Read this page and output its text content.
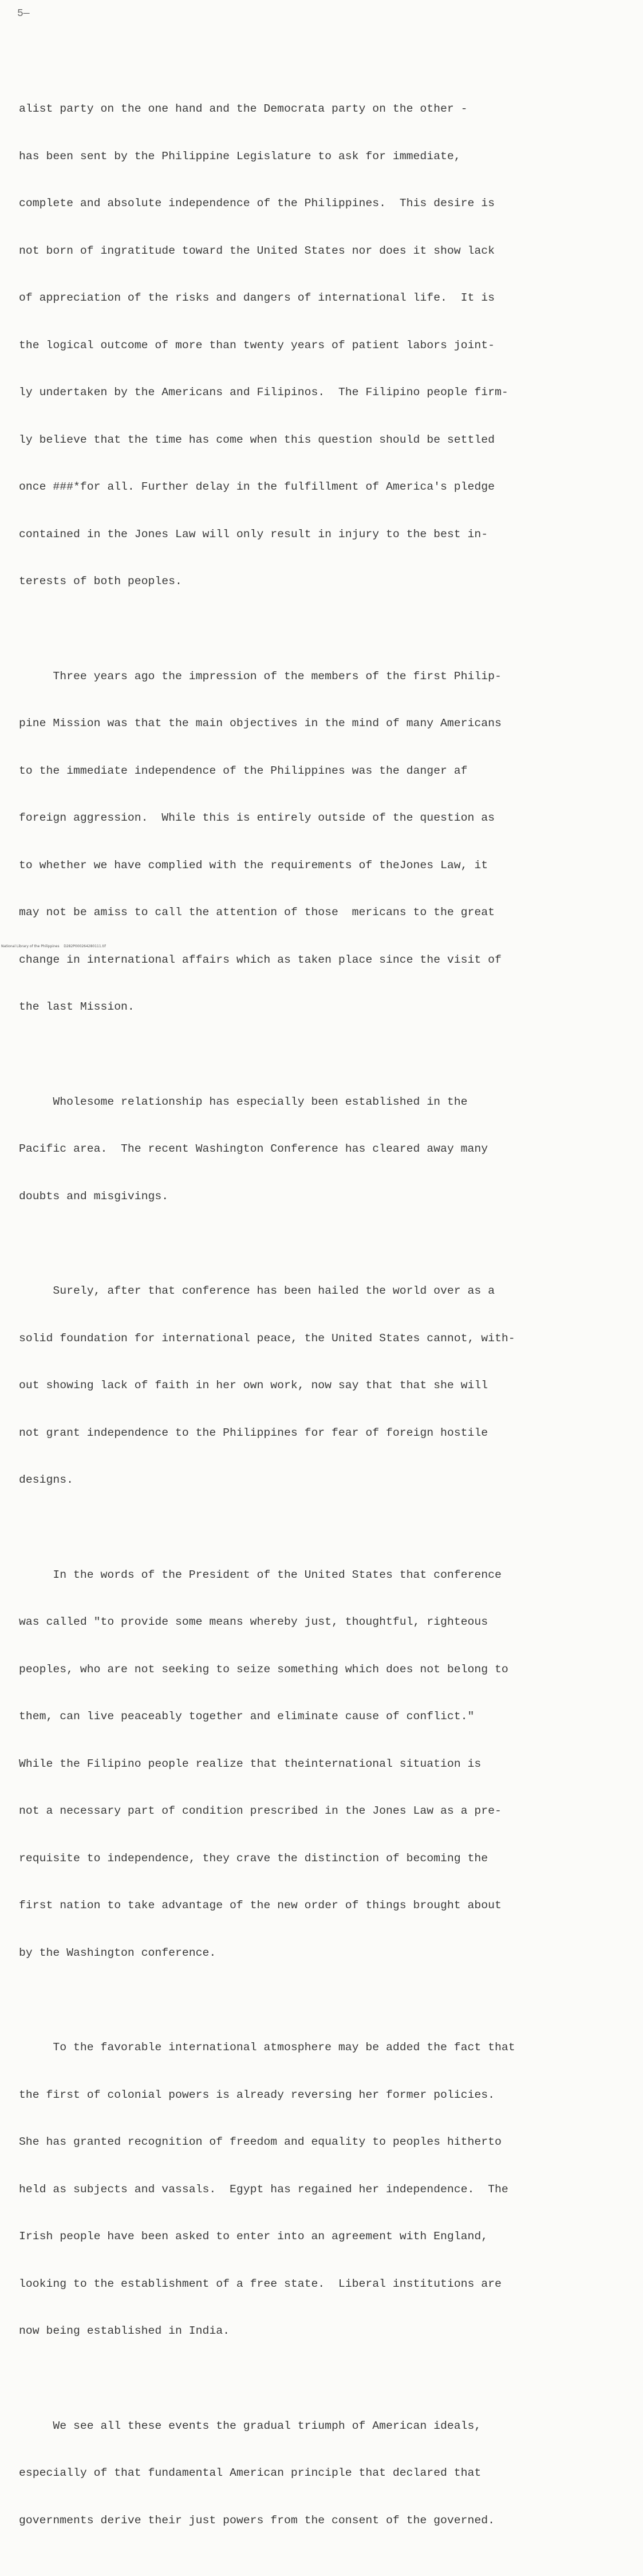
5—

alist party on the one hand and the Democrata party on the other -

has been sent by the Philippine Legislature to ask for immediate,

complete and absolute independence of the Philippines.  This desire is

not born of ingratitude toward the United States nor does it show lack

of appreciation of the risks and dangers of international life.  It is

the logical outcome of more than twenty years of patient labors joint-

ly undertaken by the Americans and Filipinos.  The Filipino people firm-

ly believe that the time has come when this question should be settled

once ###*for all. Further delay in the fulfillment of America's pledge

contained in the Jones Law will only result in injury to the best in-

terests of both peoples.

Three years ago the impression of the members of the first Philip-

pine Mission was that the main objectives in the mind of many Americans

to the immediate independence of the Philippines was the danger af

foreign aggression.  While this is entirely outside of the question as

to whether we have complied with the requirements of theJones Law, it

may not be amiss to call the attention of those  mericans to the great

change in international affairs which as taken place since the visit of

the last Mission.

Wholesome relationship has especially been established in the

Pacific area.  The recent Washington Conference has cleared away many

doubts and misgivings.

Surely, after that conference has been hailed the world over as a

solid foundation for international peace, the United States cannot, with-

out showing lack of faith in her own work, now say that that she will

not grant independence to the Philippines for fear of foreign hostile

designs.

In the words of the President of the United States that conference

was called "to provide some means whereby just, thoughtful, righteous

peoples, who are not seeking to seize something which does not belong to

them, can live peaceably together and eliminate cause of conflict."

While the Filipino people realize that theinternational situation is

not a necessary part of condition prescribed in the Jones Law as a pre-

requisite to independence, they crave the distinction of becoming the

first nation to take advantage of the new order of things brought about

by the Washington conference.

To the favorable international atmosphere may be added the fact that

the first of colonial powers is already reversing her former policies.

She has granted recognition of freedom and equality to peoples hitherto

held as subjects and vassals.  Egypt has regained her independence.  The

Irish people have been asked to enter into an agreement with England,

looking to the establishment of a free state.  Liberal institutions are

now being established in India.

We see all these events the gradual triumph of American ideals,

especially of that fundamental American principle that declared that

governments derive their just powers from the consent of the governed.

National Library of the Philippines    D282P000264280111.tif
